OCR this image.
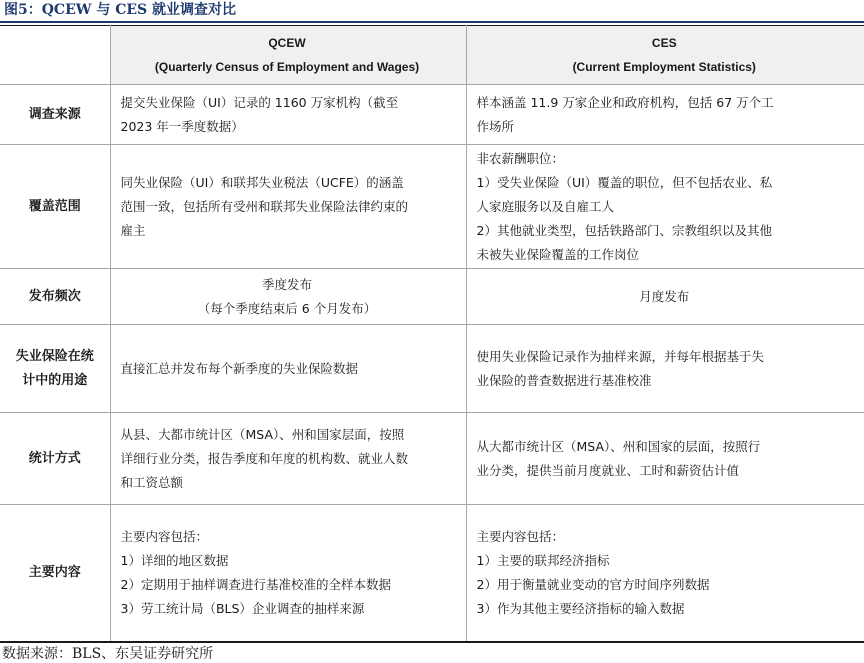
图5：QCEW 与 CES 就业调查对比

	QCEW
(Quarterly Census of Employment and Wages)	CES
(Current Employment Statistics)

调查来源	提交失业保险（UI）记录的 1160 万家机构（截至
2023 年一季度数据）	样本涵盖 11.9 万家企业和政府机构，包括 67 万个工
作场所

覆盖范围	同失业保险（UI）和联邦失业税法（UCFE）的涵盖
范围一致，包括所有受州和联邦失业保险法律约束的
雇主	非农薪酬职位：
1）受失业保险（UI）覆盖的职位，但不包括农业、私
人家庭服务以及自雇工人
2）其他就业类型，包括铁路部门、宗教组织以及其他
未被失业保险覆盖的工作岗位

发布频次	季度发布
（每个季度结束后 6 个月发布）	月度发布

失业保险在统
计中的用途	直接汇总并发布每个新季度的失业保险数据	使用失业保险记录作为抽样来源，并每年根据基于失
业保险的普查数据进行基准校准

统计方式	从县、大都市统计区（MSA）、州和国家层面，按照
详细行业分类，报告季度和年度的机构数、就业人数
和工资总额	从大都市统计区（MSA）、州和国家的层面，按照行
业分类，提供当前月度就业、工时和薪资估计值

主要内容	主要内容包括：
1）详细的地区数据
2）定期用于抽样调查进行基准校准的全样本数据
3）劳工统计局（BLS）企业调查的抽样来源	主要内容包括：
1）主要的联邦经济指标
2）用于衡量就业变动的官方时间序列数据
3）作为其他主要经济指标的输入数据
数据来源：BLS、东吴证券研究所
